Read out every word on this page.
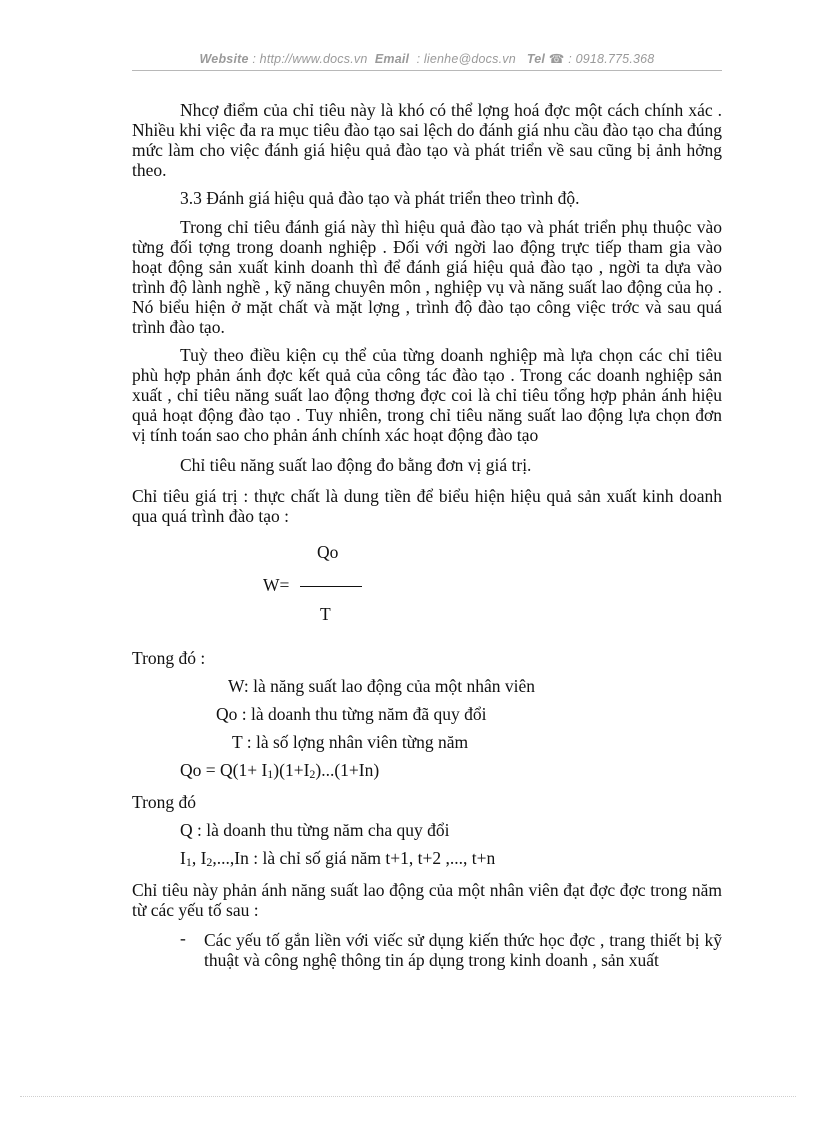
Website : http://www.docs.vn Email : lienhe@docs.vn Tel ☎ : 0918.775.368

Nhcợ điểm của chỉ tiêu này là khó có thể lợng hoá đợc một cách chính xác . Nhiều khi việc đa ra mục tiêu đào tạo sai lệch do đánh giá nhu cầu đào tạo cha đúng mức làm cho việc đánh giá hiệu quả đào tạo và phát triển về sau cũng bị ảnh hởng theo.

3.3 Đánh giá hiệu quả đào tạo và phát triển theo trình độ.

Trong chỉ tiêu đánh giá này thì hiệu quả đào tạo và phát triển phụ thuộc vào từng đối tợng trong doanh nghiệp . Đối với ngời lao động trực tiếp tham gia vào hoạt động sản xuất kinh doanh thì để đánh giá hiệu quả đào tạo , ngời ta dựa vào trình độ lành nghề , kỹ năng chuyên môn , nghiệp vụ và năng suất lao động của họ . Nó biểu hiện ở mặt chất và mặt lợng , trình độ đào tạo công việc trớc và sau quá trình đào tạo.

Tuỳ theo điều kiện cụ thể của từng doanh nghiệp mà lựa chọn các chỉ tiêu phù hợp phản ánh đợc kết quả của công tác đào tạo . Trong các doanh nghiệp sản xuất , chỉ tiêu năng suất lao động thơng đợc coi là chỉ tiêu tổng hợp phản ánh hiệu quả hoạt động đào tạo . Tuy nhiên, trong chỉ tiêu năng suất lao động lựa chọn đơn vị tính toán sao cho phản ánh chính xác hoạt động đào tạo

Chỉ tiêu năng suất lao động đo bằng đơn vị giá trị.

Chỉ tiêu giá trị : thực chất là dung tiền để biểu hiện hiệu quả sản xuất kinh doanh qua quá trình đào tạo :

Qo
W=
T

Trong đó :

W: là năng suất lao động của một nhân viên

Qo : là doanh thu từng năm đã quy đổi

T : là số lợng nhân viên từng năm

Qo = Q(1+ I1)(1+I2)...(1+In)

Trong đó

Q : là doanh thu từng năm cha quy đổi

I1, I2,...,In : là chỉ số giá năm t+1, t+2 ,..., t+n

Chỉ tiêu này phản ánh năng suất lao động của một nhân viên đạt đợc đợc trong năm từ các yếu tố sau :

- Các yếu tố gắn liền với viếc sử dụng kiến thức học đợc , trang thiết bị kỹ thuật và công nghệ thông tin áp dụng trong kinh doanh , sản xuất
